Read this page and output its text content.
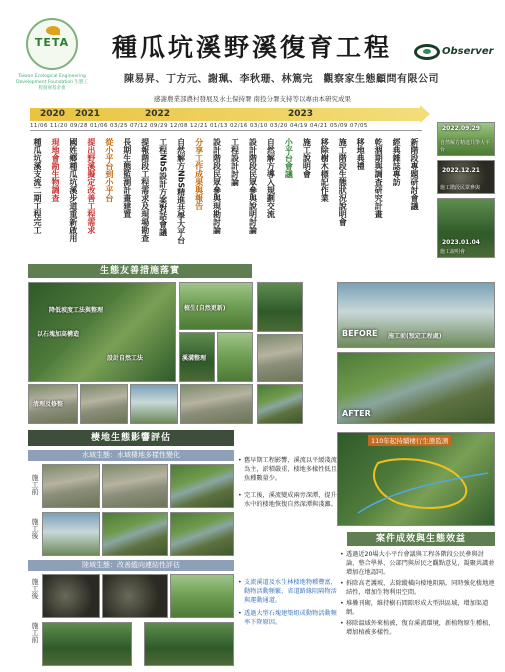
TETA
Taiwan Ecological Engineering Development Foundation 生態工程發展基金會
種瓜坑溪野溪復育工程
陳易昇、丁方元、謝珮、李秋珊、林篤完　觀察家生態顧問有限公司
Observer
感謝農業部農村發展及水土保持署 南投分署支持等以專由本研究成果
2020 2021	2022	2023
11/06 11/20 09/28 01/06 03/25 07/12 09/29 12/08 12/21 01/13 02/16 03/10 03/20 04/19 04/21 05/09 07/05
種瓜坑溪支流二期工程完工 現地會勘生物調查 國姓鄉種瓜坑溪步道重新啟用 提出野溪擬定改善工程需求 從小平台到小平台 長期生態監測計畫建置 提報階段工程需求及現場勘查 工程NbS設計方案對話會議 自然解方NbS精進共學大平台 分享工作成果與報告 設計階段民眾參與現勘討論 工程設計討論 設計階段民眾參與說明討論 自然解方導入規劃交流 小平台會議 施工說明會 移除樹木標記作業 施工階段生態狀況說明會 移地典禮 乾涸期與調查研究計畫 經典雜誌專訪 新階段專題研討會議
2022.09.29
自然解方精進共學大平台
2022.12.21
施工階段民眾參與
2023.01.04
施工說明會
生態友善措施落實
降低坡度工法與整理
以石塊加高構造
設計自然工法
植生(自然更新)
溪溝整理
清理及修整
BEFORE 施工前(預定工程處)
AFTER
棲地生態影響評估
水域生態：水域棲地多樣性變化
施工前
施工後
• 舊早期工程影響，溪流以平緩淺流為主，淤積嚴重，棲地多樣性低且魚種數量少。
• 完工後，溪流變成兩旁深潭，提升水中的棲地恢復自然深潭與淺灘。
陸域生態：改善縱向連結性評估
施工後
施工前
• 支流溪道及水生林棲地物種豐富，動物活動頻繁，省道路緣阻隔物活與運動通道。
• 透過大型石塊建築組成動物活動頻率下降原因。
110年起持續棲行生態監測
案件成效與生態效益
• 透過近20場大小平台會議與工程各階段公民參與討論，整合學界、公部門與居民之觀點意見，凝聚共識並增加在地認同。
• 拆除高老護坡，去除縱橫向棲地阻隔，同時強化棲地連結性，增加生物利用空間。
• 堆疊刊砌，維持樹石間隙形成大型洪區域，增加渠道網。
• 移除溫域外來植被，復育溪流環境，新植物原生種植，增加植被多樣性。
